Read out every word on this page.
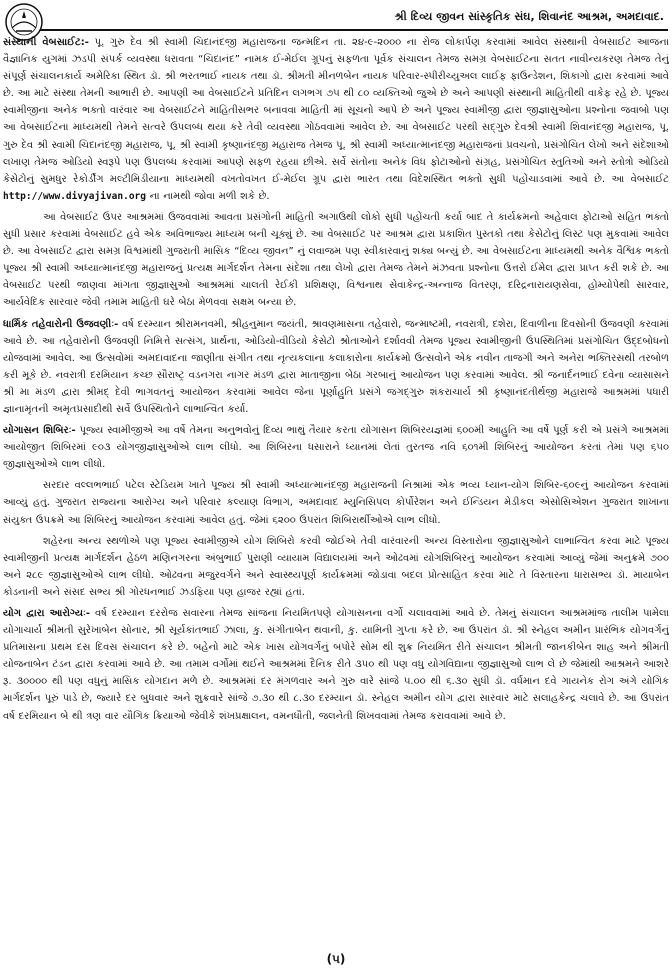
શ્રી દિવ્ય જીવન સાંસ્કૃતિક સંઘ, શિવાનંદ આશ્રમ, અમદાવાદ.

સંસ્થાની વેબસાઈટ:- પૂ. ગુરુ દેવ શ્રી સ્વામી ચિદાનંદજી મહારાજના જન્મદિન તા. ૨૪-૯-૨૦૦૦ ના રોજ લોકાર્પણ કરવામાં આવેલ સંસ્થાની વેબસાઈટ આજના વૈજ્ઞાનિક યુગમાં ઝડપી સંપર્ક વ્યવસ્થા ધરાવતા “ચિદાનંદ” નામક ઈ-મેઈલ ગ્રૂપનું સફળતા પૂર્વક સંચાલન તેમજ સમગ્ર વેબસાઈટના સતત નાવીન્યકરણ તેમજ તેનું સંપૂર્ણ સંચાલનકાર્ય અમેરિકા સ્થિત ડૉ. શ્રી ભરતભાઈ નાયક તથા ડૉ. શ્રીમતી મીનળબેન નાયક પરિવાર-સ્પીરીચ્યુઅલ લાઈફ ફાઉન્ડેશન, શિકાગો દ્વારા કરવામાં આવે છે. આ માટે સંસ્થા તેમની આભારી છે. આપણી આ વેબસાઈટને પ્રતિદિન લગભગ ૭૫ થી ૮૦ વ્યક્તિઓ જુએ છે અને આપણી સંસ્થાની માહિતીથી વાકેફ રહે છે. પૂજ્ય સ્વામીજીના અનેક ભક્તો વારંવાર આ વેબસાઈટને માહિતીસભર બનાવવા માહિતી માં સૂચનો આપે છે અને પૂજ્ય સ્વામીજી દ્વારા જીજ્ઞાસુઓના પ્રશ્નોના જવાબો પણ આ વેબસાઈટના માધ્યમથી તેમને સત્વરે ઉપલબ્ધ થયા કરે તેવી વ્યવસ્થા ગોઠવવામાં આવેલ છે. આ વેબસાઈટ પરથી સદ્‌ગુરુ દેવશ્રી સ્વામી શિવાનંદજી મહારાજ, પૂ. ગુરુ દેવ શ્રી સ્વામી ચિદાનંદજી મહારાજ, પૂ. શ્રી સ્વામી કૃષ્ણાનંદજી મહારાજ તેમજ પૂ. શ્રી સ્વામી અધ્યાત્માનંદજી મહારાજનાં પ્રવચનો, પ્રસંગોચિત લેખો અને સંદેશાઓ લખાણ તેમજ ઓડિયો સ્વરૂપે પણ ઉપલબ્ધ કરવામાં આપણે સફળ રહયા છીએ. સર્વે સંતોના અનેક વિધ ફોટાઓનો સંગ્રહ, પ્રસંગોચિત સ્તુતિઓ અને સ્તોત્રો ઓડિયો કેસેટોનું સુમધુર રેકોર્ડીંગ મલ્ટીમિડીયાના માધ્યમથી વખતોવખત ઈ-મેઈલ ગ્રૂપ દ્વારા ભારત તથા વિદેશસ્થિત ભક્તો સુધી પહોંચાડવામાં આવે છે. આ વેબસાઈટ http://www.divyajivan.org ના નામથી જોવા મળી શકે છે.

આ વેબસાઈટ ઉપર આશ્રમમાં ઉજવવામાં આવતા પ્રસંગોની માહિતી અગાઉથી લોકો સુધી પહોંચતી કર્યા બાદ તે કાર્યક્રમનો અહેવાલ ફોટાઓ સહિત ભક્તો સુધી પ્રસાર કરવામાં વેબસાઈટ હવે એક અવિભાજ્ય માધ્યમ બની ચૂક્યું છે. આ વેબસાઈટ પર આશ્રમ દ્વારા પ્રકાશિત પુસ્તકો તથા કેસેટોનું લિસ્ટ પણ મુકવામાં આવેલ છે. આ વેબસાઈટ દ્વારા સમગ્ર વિશ્વમાંથી ગુજરાતી માસિક “દિવ્ય જીવન” નું લવાજમ પણ સ્વીકારવાનું શક્ય બન્યું છે. આ વેબસાઈટના માધ્યમથી અનેક વૈશ્વિક ભક્તો પૂજ્ય શ્રી સ્વામી અધ્યાત્માનંદજી મહારાજનું પ્રત્યક્ષ માર્ગદર્શન તેમના સંદેશા તથા લેખો દ્વારા તેમજ તેમને મંઝવતા પ્રશ્નોના ઉત્તરો ઈમેલ દ્વારા પ્રાપ્ત કરી શકે છે. આ વેબસાઈટ પરથી જાણવા માંગતા જીજ્ઞાસુઓ આશ્રમમાં ચાલતી રેઈકી પ્રશિક્ષણ, વિશ્વનાથ સેવાકેન્દ્ર-અન્નાજ વિતરણ, દરિદ્રનારાયણસેવા, હોમ્યોપેથી સારવાર, આર્યવેદિક સારવાર જેવી તમામ માહિતી ઘરે બેઠા મેળવવા સક્ષમ બન્યા છે.

ધાર્મિક તહેવારોની ઉજવણીઃ- વર્ષ દરમ્યાન શ્રીરામનવમી, શ્રીહનુમાન જયંતી, શ્રાવણમાસના તહેવારો, જન્માષ્ટમી, નવરાત્રી, દશેરા, દિવાળીના દિવસોની ઉજવણી કરવામાં આવે છે. આ તહેવારોની ઉજવણી નિમિત્તે સત્સંગ, પ્રાર્થના, ઓડિયો-વીડિયો કેસેટો શ્રોતાઓને દર્શાવવી તેમજ પૂજ્ય સ્વામીજીની ઉપસ્થિતિમાં પ્રસંગોચિત ઉદ્દબોધનો યોજવામાં આવેલ. આ ઉત્સવોમાં અમદાવાદના જાણીતા સંગીત તથા નૃત્યકલાના કલાકારોના કાર્યક્રમો ઉત્સવોને એક નવીન તાજગી અને અનેરા ભક્તિરસથી તરબોળ કરી મૂકે છે. નવરાત્રી દરમિયાન કચ્છ સૌરાષ્ટ્ર વડનગરા નાગર મંડળ દ્વારા માતાજીના બેઠા ગરબાનું આયોજન પણ કરવામાં આવેલ. શ્રી જનાર્દનભાઈ દવેના વ્યાસાસને શ્રી મા મંડળ દ્વારા શ્રીમદ્ દેવી ભાગવતનું આયોજન કરવામાં આવેલ જેના પૂર્ણાહુતિ પ્રસંગે જગદ્ગુરુ શંકરાચાર્ય શ્રી કૃષ્ણાનંદતીર્થજી મહારાજે આશ્રમમાં પધારી જ્ઞાનામૃતની અમૃતપ્રસાદીથી સર્વે ઉપસ્થિતોને લાભાન્વિત કર્યા.

યોગાસન શિબિરઃ- પૂજ્ય સ્વામીજીએ આ વર્ષે તેમના અનુભવોનું દિવ્ય ભાથું તૈયાર કરતા યોગાસન શિબિરયજ્ઞમાં ૬૦૦મી આહુતિ આ વર્ષે પૂર્ણ કરી એ પ્રસંગે આશ્રમમાં આયોજીત શિબિરમાં ૯૦૩ યોગજીજ્ઞાસુઓએ લાભ લીધો. આ શિબિરના ધસારાને ધ્યાનમાં લેતાં તુરતજ નવિ ૬૦૧મી શિબિરનું આયોજન કરતાં તેમાં પણ ૬૫૦ જીજ્ઞાસુઓએ લાભ લીધો.

સરદાર વલ્લભભાઈ પટેલ સ્ટેડિયમ ખાતે પૂજ્ય શ્રી સ્વામી અધ્યાત્માનંદજી મહારાજની નિશ્રામાં એક ભવ્ય ધ્યાન-યોગ શિબિર-૬૦૯નું આયોજન કરવામાં આવ્યું હતું. ગુજરાત રાજ્યના આરોગ્ય અને પરિવાર કલ્યાણ વિભાગ, અમદાવાદ મ્યુનિસિપલ કોર્પોરેશન અને ઈન્ડિયન મેડીકલ એસોસિએશન ગુજરાત શાખાના સંયુક્ત ઉપક્રમે આ શિબિરનું આયોજન કરવામાં આવેલ હતું. જેમાં ૬૨૦૦ ઉપરાંત શિબિરાર્થીઓએ લાભ લીધો.

શહેરના અન્ય સ્થળોએ પણ પૂજ્ય સ્વામીજીએ યોગ શિબિરો કરવી જોઈએ તેવી વારંવારની અન્ય વિસ્તારોના જીજ્ઞાસુઓને લાભાન્વિત કરવા માટે પૂજ્ય સ્વામીજીની પ્રત્યક્ષ માર્ગદર્શન હેઠળ મણિનગરના અંબુભાઈ પુરાણી વ્યાયામ વિદ્યાલયમાં અને ઓઢવમાં યોગશિબિરનું આયોજન કરવામાં આવ્યું જેમાં અનુક્રમે ૭૦૦ અને ૨૮૯ જીજ્ઞાસુઓએ લાભ લીધો. ઓઢવના મજુરવર્ગને અને સ્વાસ્થ્યપૂર્ણ કાર્યક્રમમાં જોડાવા બદલ પ્રોત્સાહિત કરવા માટે તે વિસ્તારના ધારાસભ્ય ડૉ. માયાબેન કોડનાની અને સંસદ સભ્ય શ્રી ગોરધનભાઈ ઝડફિયા પણ હાજર રહ્યાં હતાં.

યોગ દ્વારા આરોગ્યઃ- વર્ષ દરમ્યાન દરરોજ સવારના તેમજ સાંજના નિયમિતપણે યોગાસનના વર્ગો ચલાવવામાં આવે છે. તેમનું સંચાલન આશ્રમમાંજ તાલીમ પામેલા યોગાચાર્ય શ્રીમતી સુરેખાબેન સોનાર, શ્રી સૂર્યકાંતભાઈ ઝાલા, કુ. સંગીતાબેન થવાની, કુ. યામિની ગુપ્તા કરે છે. આ ઉપરાંત ડૉ. શ્રી સ્નેહલ અમીન પ્રારંભિક યોગવર્ગનું પ્રતિમાસના પ્રથમ દસ દિવસ સંચાલન કરે છે. બહેનો માટે એક ખાસ યોગવર્ગનું બપોરે સોમ થી શુક્ર નિયમિત રીતે સંચાલન શ્રીમતી જાનકીબેન શાહ અને શ્રીમતી યોજનાબેન ટંડન દ્વારા કરવામાં આવે છે. આ તમામ વર્ગોમાં થઈને આશ્રમમાં દૈનિક રીતે ૩૫૦ થી પણ વધુ યોગવિદ્યાના જીજ્ઞાસુઓ લાભ લે છે જેમાંથી આશ્રમને આશરે રૂ. ૩૦૦૦૦ થી પણ વધુનું માસિક યોગદાન મળે છે. આશ્રમમાં દર મંગળવાર અને ગુરુ વારે સાંજે ૫.૦૦ થી ૬.૩૦ સુધી ડૉ. વર્ધમાન દવે ગાયનેક રોગ અંગે યોગિક માર્ગદર્શન પૂરું પાડે છે, જ્યારે દર બુધવાર અને શુક્રવારે સાંજે ૭.૩૦ થી ૮.૩૦ દરમ્યાન ડૉ. સ્નેહલ અમીન યોગ દ્વારા સારવાર માટે સલાહકેન્દ્ર ચલાવે છે. આ ઉપરાંત વર્ષ દરમિયાન બે થી ત્રણ વાર યૌગિક ક્રિયાઓ જેવીકે શંખપ્રક્ષાલન, વમનધૌતી, જલનેતી શિખવવામાં તેમજ કરાવવામાં આવે છે.

(૫)
